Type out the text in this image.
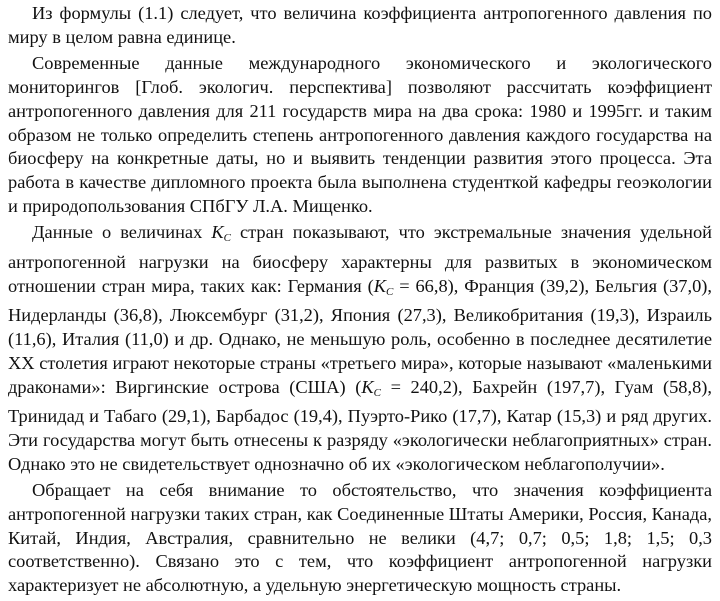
Из формулы (1.1) следует, что величина коэффициента антропогенного давления по миру в целом равна единице.

Современные данные международного экономического и экологического мониторингов [Глоб. экологич. перспектива] позволяют рассчитать коэффициент антропогенного давления для 211 государств мира на два срока: 1980 и 1995гг. и таким образом не только определить степень антропогенного давления каждого государства на биосферу на конкретные даты, но и выявить тенденции развития этого процесса. Эта работа в качестве дипломного проекта была выполнена студенткой кафедры геоэкологии и природопользования СПбГУ Л.А. Мищенко.

Данные о величинах $K_C$ стран показывают, что экстремальные значения удельной антропогенной нагрузки на биосферу характерны для развитых в экономическом отношении стран мира, таких как: Германия $(K_C = 66,8)$, Франция (39,2), Бельгия (37,0), Нидерланды (36,8), Люксембург (31,2), Япония (27,3), Великобритания (19,3), Израиль (11,6), Италия (11,0) и др. Однако, не меньшую роль, особенно в последнее десятилетие XX столетия играют некоторые страны «третьего мира», которые называют «маленькими драконами»: Виргинские острова (США) $(K_C = 240,2)$, Бахрейн (197,7), Гуам (58,8), Тринидад и Табаго (29,1), Барбадос (19,4), Пуэрто-Рико (17,7), Катар (15,3) и ряд других. Эти государства могут быть отнесены к разряду «экологически неблагоприятных» стран. Однако это не свидетельствует однозначно об их «экологическом неблагополучии».

Обращает на себя внимание то обстоятельство, что значения коэффициента антропогенной нагрузки таких стран, как Соединенные Штаты Америки, Россия, Канада, Китай, Индия, Австралия, сравнительно не велики (4,7; 0,7; 0,5; 1,8; 1,5; 0,3 соответственно). Связано это с тем, что коэффициент антропогенной нагрузки характеризует не абсолютную, а удельную энергетическую мощность страны.
